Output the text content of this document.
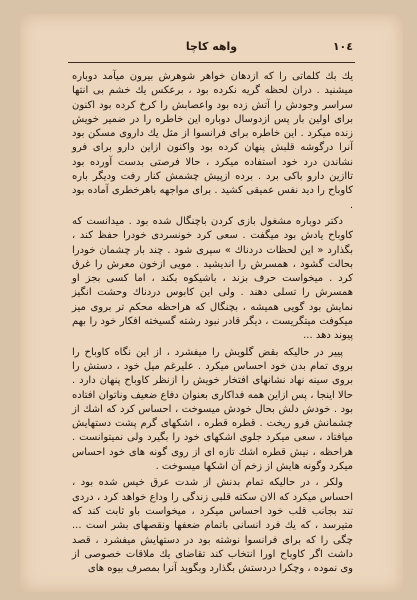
١٠٤
واهه کاچا

یك بك کلماتی را که ازدهان خواهر شوهرش بیرون میآمد دوباره میشنید . دران لحظه گریه نکرده بود ، برعکس یك خشم بی انتها سراسر وجودش را آتش زده بود واعصابش را کرخ کرده بود اکنون برای اولین بار پس ازدوسال دوباره این خاطره را در ضمیر خویش زنده میکرد . این خاطره برای فرانسوا از مثل یك داروی مسکن بود آنرا درگوشه قلبش پنهان کرده بود واکنون ازاین دارو برای فرو نشاندن درد خود استفاده میکرد ، حالا فرصتی بدست آورده بود تاازین دارو باکی برد . برده ازپیش چشمش کنار رفت ودیگر باره کاوباح را دید نفس عمیقی کشید . برای مواجهه باهرخطری آماده بود .

دکتر دوباره مشغول بازی کردن باچنگال شده بود . میدانست که کاوباح یادش بود میگفت . سعی کرد خونسردی خودرا حفظ کند ، بگذارد « این لحظات دردناك » سپری شود . چند بار چشمان خودرا بحالت گشود ، همسرش را اندیشید . مویی ازخون معرش را غرق کرد . میخواست حرف بزند ، باشیکوه بکند ، اما کسی بجز او همسرش را تسلی دهند . ولی این کابوس دردناك وحشت انگیز نمایش بود گویی همیشه ، بچنگال که هراحظه محکم تر بروی میز میکوفت میتگریست ، دیگر قادر نبود رشته گسیخته افکار خود را بهم پیوند دهد ...

پییر در حالیکه بقض گلویش را میفشرد ، از این نگاه کاوباح را بروی تمام بدن خود احساس میکرد . علیرغم میل خود ، دستش را بروی سینه نهاد نشانهای افتخار خویش را ازنظر کاوباح پنهان دارد . حالا اینجا ، پس ازاین همه فداکاری بعنوان دفاع ضعیف وناتوان افتاده بود . خودش دلش بحال خودش میسوخت ، احساس کرد که اشك از چشمانش فرو ریخت . قطره قطره ، اشکهای گرم پشت دستهایش میافتاد ، سعی میکرد جلوی اشکهای خود را بگیرد ولی نمیتوانست . هراحظه ، نیش قطره اشك تازه ای از روی گونه های خود احساس میکرد وگونه هایش از زخم آن اشکها میسوخت .

ولکر ، در حالیکه تمام بدنش از شدت عرق خیس شده بود ، احساس میکرد که الان سکته قلبی زندگی را وداع خواهد کرد ، دردی تند بجانب قلب خود احساس میکرد ، میخواست باو ثابت کند که متیرسد ، که یك فرد انسانی باتمام ضعفها ونقصهای بشر است ... چگی را که برای فرانسوا نوشته بود در دستهایش میفشرد ، قصد داشت اگر کاوباح اورا انتخاب کند تقاضای یك ملاقات خصوصی از وی نموده ، وچكرا دردستش بگذارد وبگوید آنرا بمصرف بیوه های
